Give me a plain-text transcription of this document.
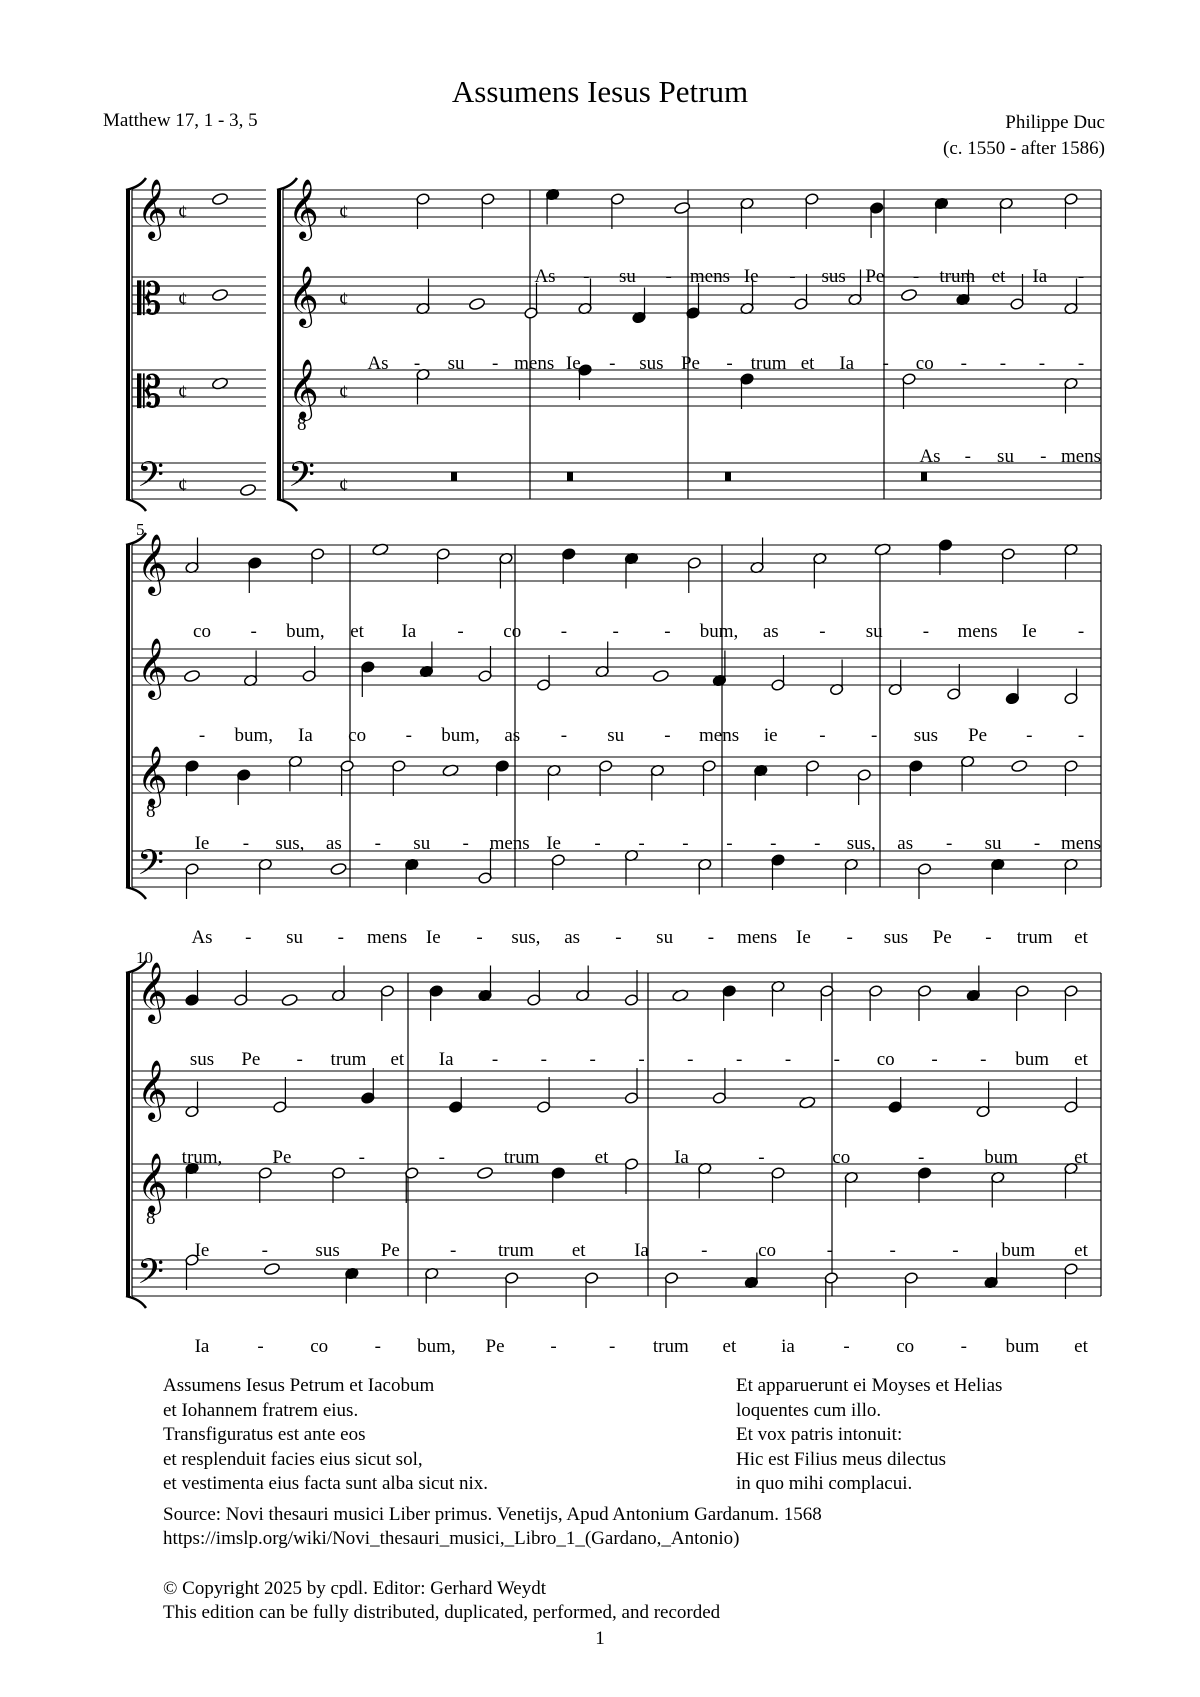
Assumens Iesus Petrum
Matthew 17, 1 - 3, 5	Philippe Duc
(c. 1550 - after 1586)
𝄞 ¢
𝄞 ¢
𝄞
8
¢
𝄢 ¢
As - su - mens Ie - sus Pe - trum et Ia -
As - su - mens Ie - sus Pe - trum et Ia - co - - - -
As - su - mens
𝄞
𝄞
𝄞
8
𝄢
5
co - bum, et Ia - co - - - bum, as - su - mens Ie -
- bum, Ia co - bum, as - su - mens ie - - sus Pe - -
Ie - sus, as - su - mens Ie - - - - - - sus, as - su - mens
As - su - mens Ie - sus, as - su - mens Ie - sus Pe - trum et
𝄞
𝄞
𝄞
8
𝄢
10
sus Pe - trum et Ia - - - - - - - - co - - bum et
trum,	Pe	-	-	trum	et	Ia	-	co	-	bum	et
Ie	- sus Pe	- trum et	Ia	-	co	-	-	- bum et
Ia	- co - bum, Pe -	- trum et ia	- co - bum et
𝄞 ¢
𝄡 ¢
𝄡 ¢
𝄢 ¢
Assumens Iesus Petrum et Iacobum
et Iohannem fratrem eius.
Transfiguratus est ante eos
et resplenduit facies eius sicut sol,
et vestimenta eius facta sunt alba sicut nix.
Et apparuerunt ei Moyses et Helias
loquentes cum illo.
Et vox patris intonuit:
Hic est Filius meus dilectus
in quo mihi complacui.
Source: Novi thesauri musici Liber primus. Venetijs, Apud Antonium Gardanum. 1568
https://imslp.org/wiki/Novi_thesauri_musici,_Libro_1_(Gardano,_Antonio)
© Copyright 2025 by cpdl. Editor: Gerhard Weydt
This edition can be fully distributed, duplicated, performed, and recorded
1
